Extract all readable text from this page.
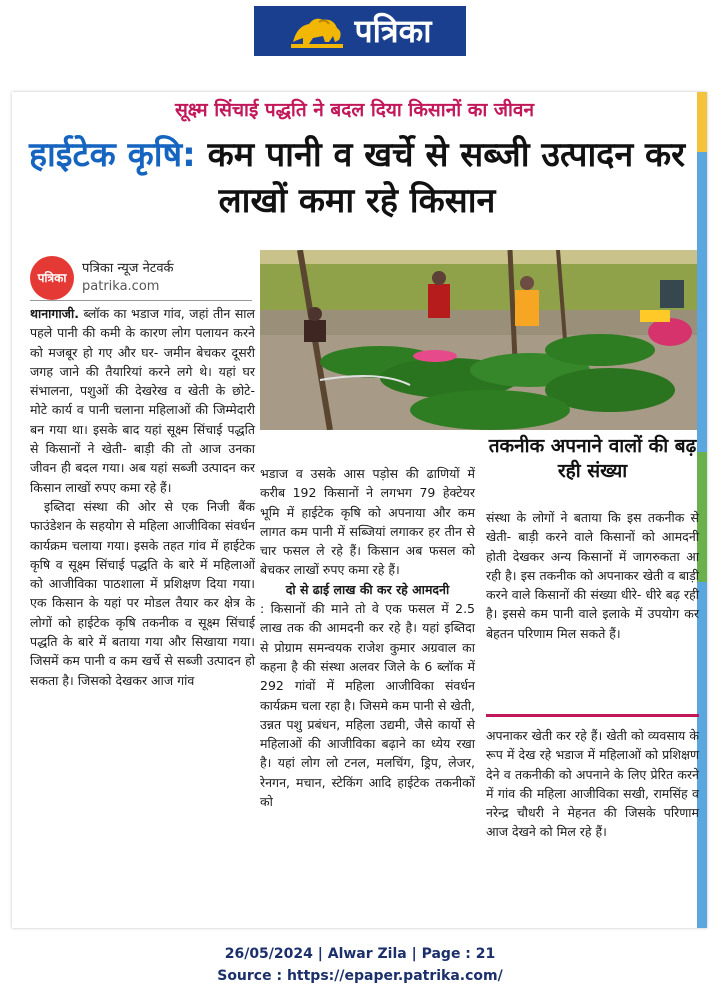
पत्रिका
सूक्ष्म सिंचाई पद्धति ने बदल दिया किसानों का जीवन
हाईटेक कृषि: कम पानी व खर्चे से सब्जी उत्पादन कर लाखों कमा रहे किसान
पत्रिका
पत्रिका न्यूज नेटवर्क
patrika.com

थानागाजी. ब्लॉक का भडाज गांव, जहां तीन साल पहले पानी की कमी के कारण लोग पलायन करने को मजबूर हो गए और घर- जमीन बेचकर दूसरी जगह जाने की तैयारियां करने लगे थे। यहां घर संभालना, पशुओं की देखरेख व खेती के छोटे- मोटे कार्य व पानी चलाना महिलाओं की जिम्मेदारी बन गया था। इसके बाद यहां सूक्ष्म सिंचाई पद्धति से किसानों ने खेती- बाड़ी की तो आज उनका जीवन ही बदल गया। अब यहां सब्जी उत्पादन कर किसान लाखों रुपए कमा रहे हैं।

इब्तिदा संस्था की ओर से एक निजी बैंक फाउंडेशन के सहयोग से महिला आजीविका संवर्धन कार्यक्रम चलाया गया। इसके तहत गांव में हाईटेक कृषि व सूक्ष्म सिंचाई पद्धति के बारे में महिलाओं को आजीविका पाठशाला में प्रशिक्षण दिया गया। एक किसान के यहां पर मोडल तैयार कर क्षेत्र के लोगों को हाईटेक कृषि तकनीक व सूक्ष्म सिंचाई पद्धति के बारे में बताया गया और सिखाया गया। जिसमें कम पानी व कम खर्चे से सब्जी उत्पादन हो सकता है। जिसको देखकर आज गांव

भडाज व उसके आस पड़ोस की ढाणियों में करीब 192 किसानों ने लगभग 79 हेक्टेयर भूमि में हाईटेक कृषि को अपनाया और कम लागत कम पानी में सब्जियां लगाकर हर तीन से चार फसल ले रहे हैं। किसान अब फसल को बेचकर लाखों रुपए कमा रहे हैं।

दो से ढाई लाख की कर रहे आमदनी
: किसानों की माने तो वे एक फसल में 2.5 लाख तक की आमदनी कर रहे है। यहां इब्तिदा से प्रोग्राम समन्वयक राजेश कुमार अग्रवाल का कहना है की संस्था अलवर जिले के 6 ब्लॉक में 292 गांवों में महिला आजीविका संवर्धन कार्यक्रम चला रहा है। जिसमे कम पानी से खेती, उन्नत पशु प्रबंधन, महिला उद्यमी, जैसे कार्यो से महिलाओं की आजीविका बढ़ाने का ध्येय रखा है। यहां लोग लो टनल, मलचिंग, ड्रिप, लेजर, रेनगन, मचान, स्टेकिंग आदि हाईटेक तकनीकों को

तकनीक अपनाने वालों की बढ़ रही संख्या

संस्था के लोगों ने बताया कि इस तकनीक से खेती- बाड़ी करने वाले किसानों को आमदनी होती देखकर अन्य किसानों में जागरुकता आ रही है। इस तकनीक को अपनाकर खेती व बाड़ी करने वाले किसानों की संख्या धीरे- धीरे बढ़ रही है। इससे कम पानी वाले इलाके में उपयोग कर बेहतन परिणाम मिल सकते हैं।

अपनाकर खेती कर रहे हैं। खेती को व्यवसाय के रूप में देख रहे भडाज में महिलाओं को प्रशिक्षण देने व तकनीकी को अपनाने के लिए प्रेरित करने में गांव की महिला आजीविका सखी, रामसिंह व नरेन्द्र चौधरी ने मेहनत की जिसके परिणाम आज देखने को मिल रहे हैं।

26/05/2024 | Alwar Zila | Page : 21
Source : https://epaper.patrika.com/
